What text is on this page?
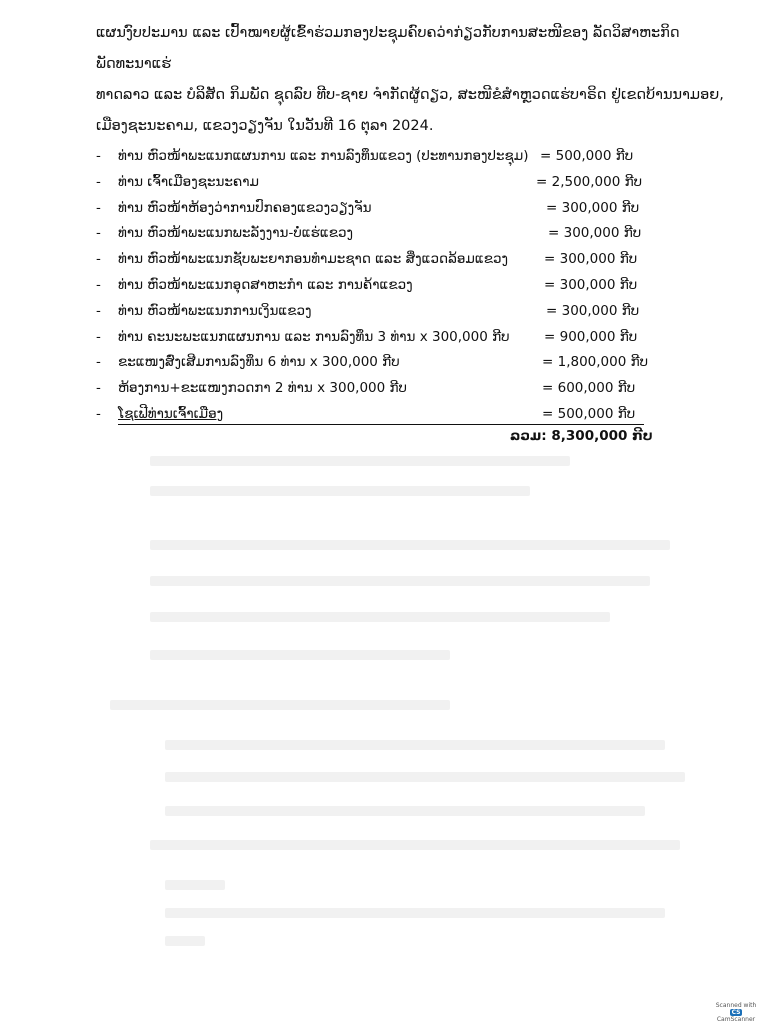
ແຜນງົບປະມານ ແລະ ເປົ້າໝາຍຜູ້ເຂົ້າຮ່ວມກອງປະຊຸມຄົບຄວ່າກ່ຽວກັບການສະໜີຂອງ ລັດວິສາຫະກິດ ພັດທະນາແຮ່
ທາດລາວ ແລະ ບໍລິສັດ ກິມພັດ ຊຸດລົບ ທີບ-ຊາຍ ຈໍາກັດຜູ້ດຽວ, ສະໜີຂໍສໍາຫຼວດແຮ່ບາຣິດ ຢູ່ເຂດບ້ານນາມອຍ,
ເມືອງຊະນະຄາມ, ແຂວງວຽງຈັນ ໃນວັນທີ 16 ຕຸລາ 2024.

- ທ່ານ ຫົວໜ້າພະແນກແຜນການ ແລະ ການລົງທຶນແຂວງ (ປະທານກອງປະຊຸມ) = 500,000 ກີບ
- ທ່ານ ເຈົ້າເມືອງຊະນະຄາມ	= 2,500,000 ກີບ
- ທ່ານ ຫົວໜ້າຫ້ອງວ່າການປົກຄອງແຂວງວຽງຈັນ	= 300,000 ກີບ
- ທ່ານ ຫົວໜ້າພະແນກພະລັງງານ-ບໍ່ແຮ່ແຂວງ	= 300,000 ກີບ
- ທ່ານ ຫົວໜ້າພະແນກຊັບພະຍາກອນທໍາມະຊາດ ແລະ ສິ່ງແວດລ້ອມແຂວງ	= 300,000 ກີບ
- ທ່ານ ຫົວໜ້າພະແນກອຸດສາຫະກໍາ ແລະ ການຄ້າແຂວງ	= 300,000 ກີບ
- ທ່ານ ຫົວໜ້າພະແນກການເງິນແຂວງ	= 300,000 ກີບ
- ທ່ານ ຄະນະພະແນກແຜນການ ແລະ ການລົງທຶນ 3 ທ່ານ x 300,000 ກີບ	= 900,000 ກີບ
- ຂະແໜງສົ່ງເສີມການລົງທຶນ 6 ທ່ານ x 300,000 ກີບ	= 1,800,000 ກີບ
- ຫ້ອງການ+ຂະແໜງກວດກາ 2 ທ່ານ x 300,000 ກີບ	= 600,000 ກີບ
- ໂຊເຟີທ່ານເຈົ້າເມືອງ	= 500,000 ກີບ
ລວມ: 8,300,000 ກີບ
Scanned with
CS CamScanner
